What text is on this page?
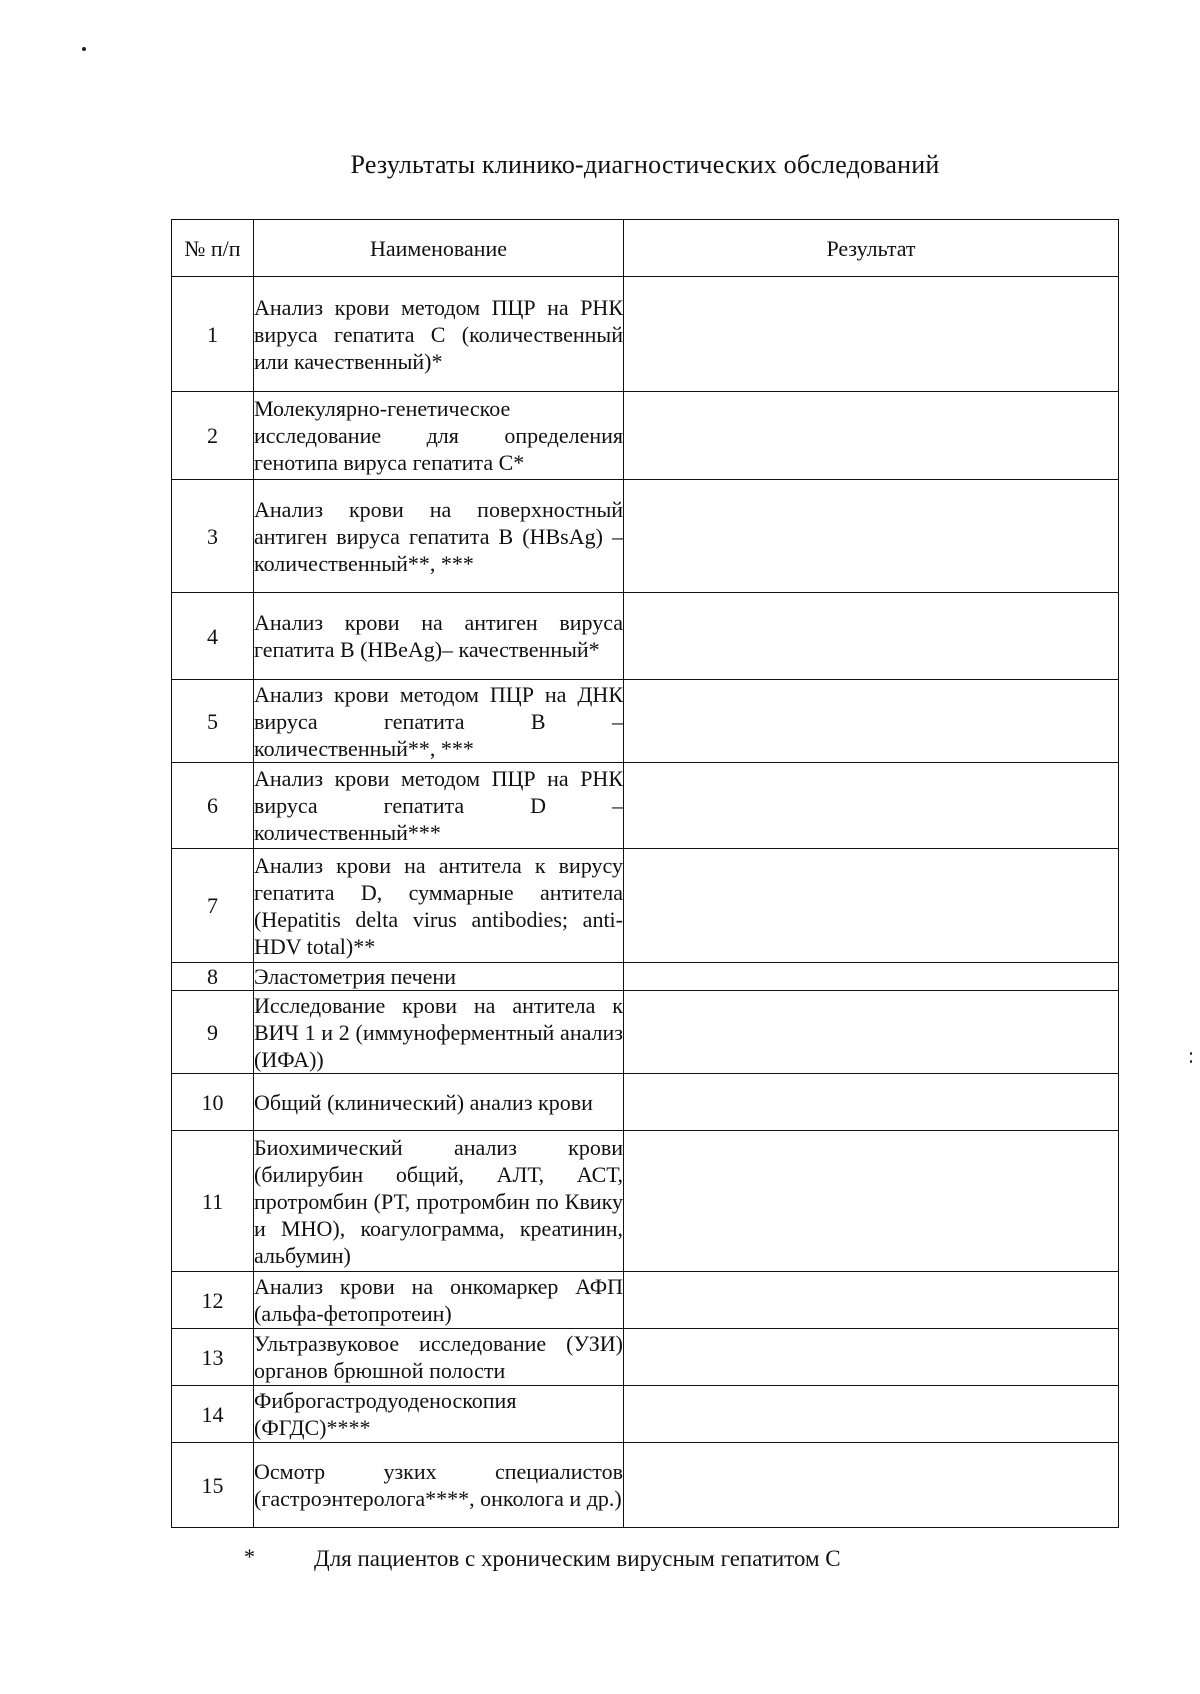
Результаты клинико-диагностических обследований
№ п/п	Наименование	Результат
1	Анализ крови методом ПЦР на РНК вируса гепатита С (количественный или качественный)*	
2	Молекулярно-генетическое исследование для определения генотипа вируса гепатита С*	
3	Анализ крови на поверхностный антиген вируса гепатита В (HBsAg) – количественный**, ***	
4	Анализ крови на антиген вируса гепатита В (HBeAg)– качественный*	
5	Анализ крови методом ПЦР на ДНК вируса гепатита В – количественный**, ***	
6	Анализ крови методом ПЦР на РНК вируса гепатита D – количественный***	
7	Анализ крови на антитела к вирусу гепатита D, суммарные антитела (Hepatitis delta virus antibodies; anti-HDV total)**	
8	Эластометрия печени	
9	Исследование крови на антитела к ВИЧ 1 и 2 (иммуноферментный анализ (ИФА))	
10	Общий (клинический) анализ крови	
11	Биохимический анализ крови (билирубин общий, АЛТ, АСТ, протромбин (РТ, протромбин по Квику и МНО), коагулограмма, креатинин, альбумин)	
12	Анализ крови на онкомаркер АФП (альфа-фетопротеин)	
13	Ультразвуковое исследование (УЗИ) органов брюшной полости	
14	Фиброгастродуоденоскопия (ФГДС)****	
15	Осмотр узких специалистов (гастроэнтеролога****, онколога и др.)	
*	Для пациентов с хроническим вирусным гепатитом С
